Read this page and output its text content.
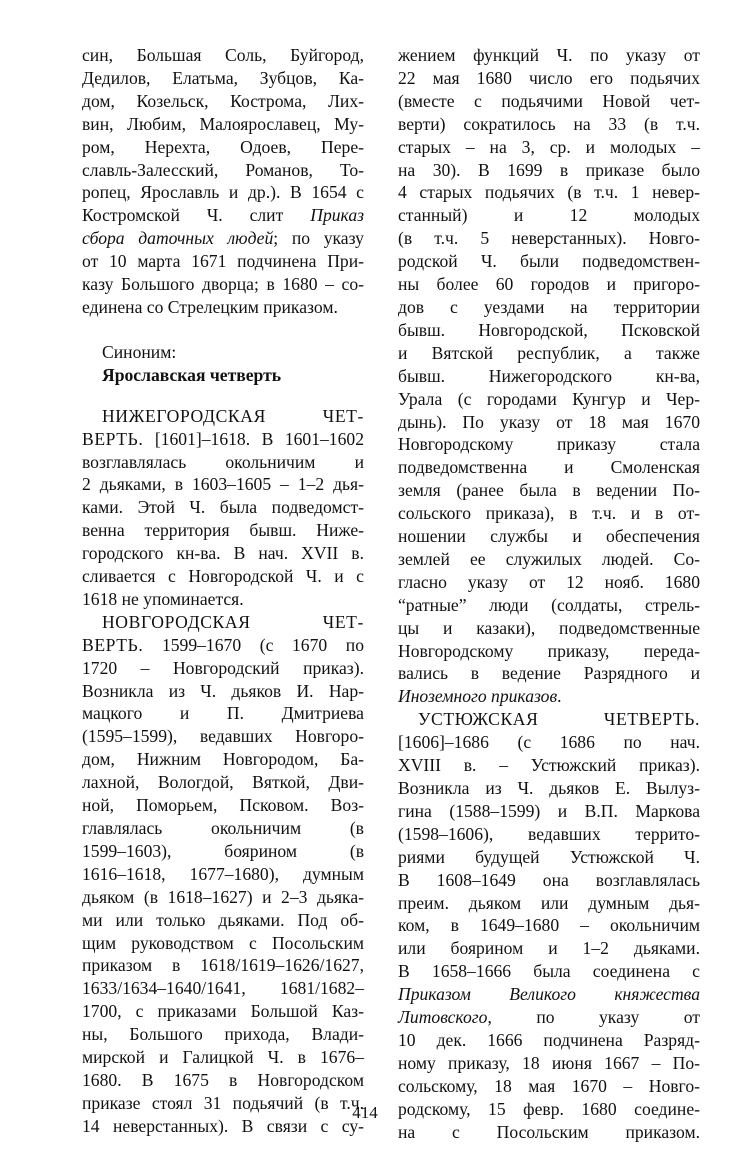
син, Большая Соль, Буйгород,
Дедилов, Елатьма, Зубцов, Ка-
дом, Козельск, Кострома, Лих-
вин, Любим, Малоярославец, Му-
ром, Нерехта, Одоев, Пере-
славль-Залесский, Романов, То-
ропец, Ярославль и др.). В 1654 с
Костромской Ч. слит Приказ
сбора даточных людей; по указу
от 10 марта 1671 подчинена При-
казу Большого дворца; в 1680 – со-
единена со Стрелецким приказом.
Синоним:
Ярославская четверть
НИЖЕГОРОДСКАЯ ЧЕТ-
ВЕРТЬ. [1601]–1618. В 1601–1602
возглавлялась окольничим и
2 дьяками, в 1603–1605 – 1–2 дья-
ками. Этой Ч. была подведомст-
венна территория бывш. Ниже-
городского кн-ва. В нач. XVII в.
сливается с Новгородской Ч. и с
1618 не упоминается.
НОВГОРОДСКАЯ ЧЕТ-
ВЕРТЬ. 1599–1670 (с 1670 по
1720 – Новгородский приказ).
Возникла из Ч. дьяков И. Нар-
мацкого и П. Дмитриева
(1595–1599), ведавших Новгоро-
дом, Нижним Новгородом, Ба-
лахной, Вологдой, Вяткой, Дви-
ной, Поморьем, Псковом. Воз-
главлялась окольничим (в
1599–1603), боярином (в
1616–1618, 1677–1680), думным
дьяком (в 1618–1627) и 2–3 дьяка-
ми или только дьяками. Под об-
щим руководством с Посольским
приказом в 1618/1619–1626/1627,
1633/1634–1640/1641, 1681/1682–
1700, с приказами Большой Каз-
ны, Большого прихода, Влади-
мирской и Галицкой Ч. в 1676–
1680. В 1675 в Новгородском
приказе стоял 31 подьячий (в т.ч.
14 неверстанных). В связи с су-
жением функций Ч. по указу от
22 мая 1680 число его подьячих
(вместе с подьячими Новой чет-
верти) сократилось на 33 (в т.ч.
старых – на 3, ср. и молодых –
на 30). В 1699 в приказе было
4 старых подьячих (в т.ч. 1 невер-
станный) и 12 молодых
(в т.ч. 5 неверстанных). Новго-
родской Ч. были подведомствен-
ны более 60 городов и пригоро-
дов с уездами на территории
бывш. Новгородской, Псковской
и Вятской республик, а также
бывш. Нижегородского кн-ва,
Урала (с городами Кунгур и Чер-
дынь). По указу от 18 мая 1670
Новгородскому приказу стала
подведомственна и Смоленская
земля (ранее была в ведении По-
сольского приказа), в т.ч. и в от-
ношении службы и обеспечения
землей ее служилых людей. Со-
гласно указу от 12 нояб. 1680
“ратные” люди (солдаты, стрель-
цы и казаки), подведомственные
Новгородскому приказу, переда-
вались в ведение Разрядного и
Иноземного приказов.
УСТЮЖСКАЯ ЧЕТВЕРТЬ.
[1606]–1686 (с 1686 по нач.
XVIII в. – Устюжский приказ).
Возникла из Ч. дьяков Е. Вылуз-
гина (1588–1599) и В.П. Маркова
(1598–1606), ведавших террито-
риями будущей Устюжской Ч.
В 1608–1649 она возглавлялась
преим. дьяком или думным дья-
ком, в 1649–1680 – окольничим
или боярином и 1–2 дьяками.
В 1658–1666 была соединена с
Приказом Великого княжества
Литовского, по указу от
10 дек. 1666 подчинена Разряд-
ному приказу, 18 июня 1667 – По-
сольскому, 18 мая 1670 – Новго-
родскому, 15 февр. 1680 соедине-
на с Посольским приказом.
414
